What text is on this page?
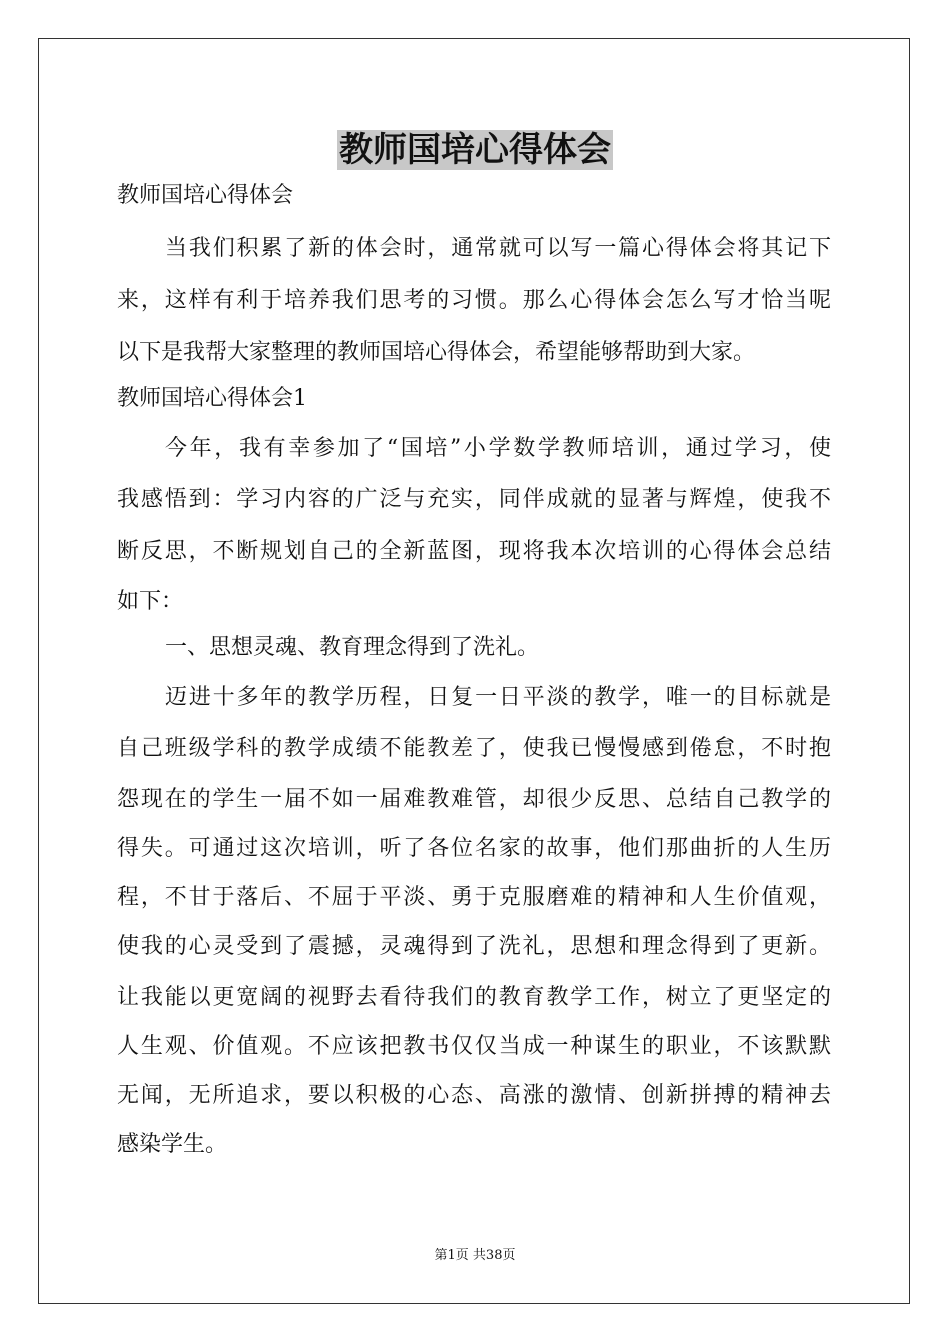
教师国培心得体会
教师国培心得体会
当我们积累了新的体会时，通常就可以写一篇心得体会将其记下
来，这样有利于培养我们思考的习惯。那么心得体会怎么写才恰当呢
以下是我帮大家整理的教师国培心得体会，希望能够帮助到大家。
教师国培心得体会1
今年，我有幸参加了“国培”小学数学教师培训，通过学习，使
我感悟到：学习内容的广泛与充实，同伴成就的显著与辉煌，使我不
断反思，不断规划自己的全新蓝图，现将我本次培训的心得体会总结
如下：
一、思想灵魂、教育理念得到了洗礼。
迈进十多年的教学历程，日复一日平淡的教学，唯一的目标就是
自己班级学科的教学成绩不能教差了，使我已慢慢感到倦怠，不时抱
怨现在的学生一届不如一届难教难管，却很少反思、总结自己教学的
得失。可通过这次培训，听了各位名家的故事，他们那曲折的人生历
程，不甘于落后、不屈于平淡、勇于克服磨难的精神和人生价值观，
使我的心灵受到了震撼，灵魂得到了洗礼，思想和理念得到了更新。
让我能以更宽阔的视野去看待我们的教育教学工作，树立了更坚定的
人生观、价值观。不应该把教书仅仅当成一种谋生的职业，不该默默
无闻，无所追求，要以积极的心态、高涨的激情、创新拼搏的精神去
感染学生。
第1页 共38页
